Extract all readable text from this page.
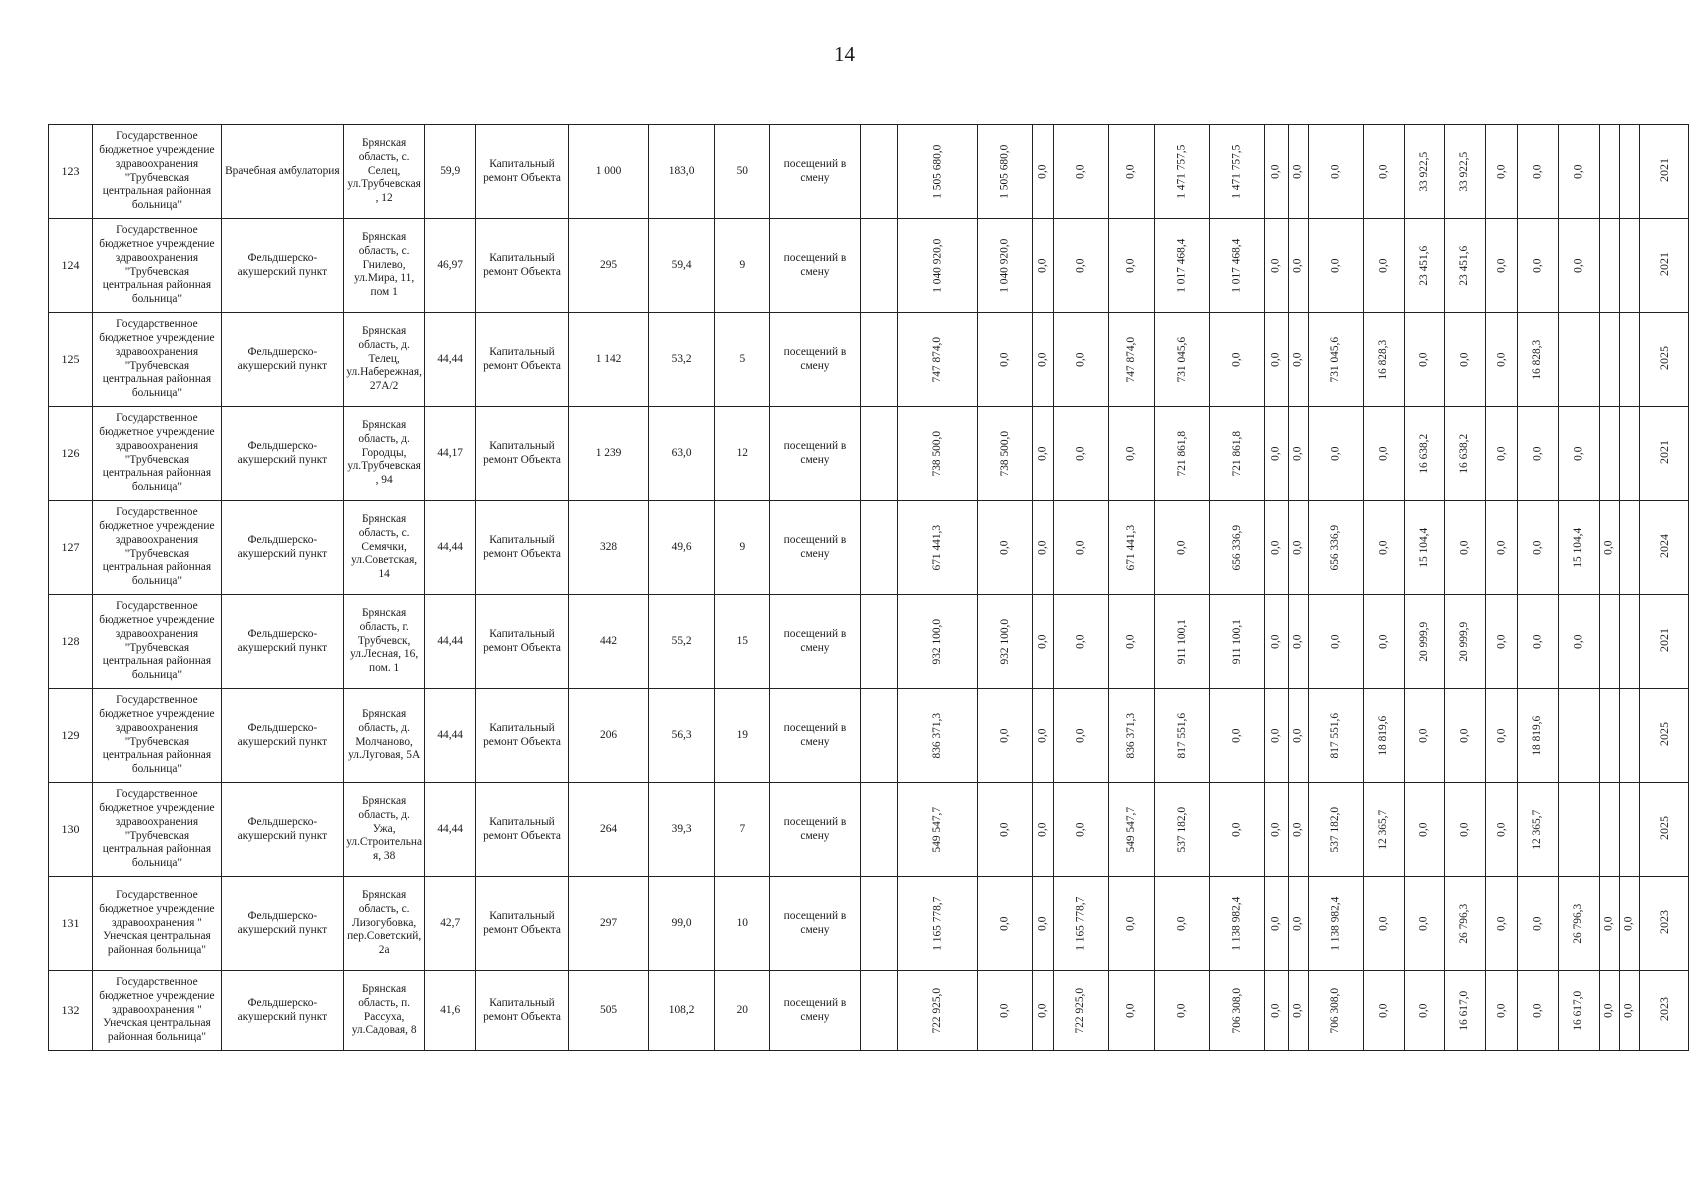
14
123	Государственное бюджетное учреждение здравоохранения "Трубчевская центральная районная больница"	Врачебная амбулатория	Брянская область, с. Селец, ул.Трубчевская , 12	59,9	Капитальный ремонт Объекта	1 000	183,0	50	посещений в смену		1 505 680,0	1 505 680,0	0,0	0,0	0,0	1 471 757,5	1 471 757,5	0,0	0,0	0,0	0,0	33 922,5	33 922,5	0,0	0,0	0,0			2021
124	Государственное бюджетное учреждение здравоохранения "Трубчевская центральная районная больница"	Фельдшерско-акушерский пункт	Брянская область, с. Гнилево, ул.Мира, 11, пом 1	46,97	Капитальный ремонт Объекта	295	59,4	9	посещений в смену		1 040 920,0	1 040 920,0	0,0	0,0	0,0	1 017 468,4	1 017 468,4	0,0	0,0	0,0	0,0	23 451,6	23 451,6	0,0	0,0	0,0			2021
125	Государственное бюджетное учреждение здравоохранения "Трубчевская центральная районная больница"	Фельдшерско-акушерский пункт	Брянская область, д. Телец, ул.Набережная, 27А/2	44,44	Капитальный ремонт Объекта	1 142	53,2	5	посещений в смену		747 874,0	0,0	0,0	0,0	747 874,0	731 045,6	0,0	0,0	0,0	731 045,6	16 828,3	0,0	0,0	0,0	16 828,3				2025
126	Государственное бюджетное учреждение здравоохранения "Трубчевская центральная районная больница"	Фельдшерско-акушерский пункт	Брянская область, д. Городцы, ул.Трубчевская , 94	44,17	Капитальный ремонт Объекта	1 239	63,0	12	посещений в смену		738 500,0	738 500,0	0,0	0,0	0,0	721 861,8	721 861,8	0,0	0,0	0,0	0,0	16 638,2	16 638,2	0,0	0,0	0,0			2021
127	Государственное бюджетное учреждение здравоохранения "Трубчевская центральная районная больница"	Фельдшерско-акушерский пункт	Брянская область, с. Семячки, ул.Советская, 14	44,44	Капитальный ремонт Объекта	328	49,6	9	посещений в смену		671 441,3	0,0	0,0	0,0	671 441,3	0,0	656 336,9	0,0	0,0	656 336,9	0,0	15 104,4	0,0	0,0	0,0	15 104,4	0,0		2024
128	Государственное бюджетное учреждение здравоохранения "Трубчевская центральная районная больница"	Фельдшерско-акушерский пункт	Брянская область, г. Трубчевск, ул.Лесная, 16, пом. 1	44,44	Капитальный ремонт Объекта	442	55,2	15	посещений в смену		932 100,0	932 100,0	0,0	0,0	0,0	911 100,1	911 100,1	0,0	0,0	0,0	0,0	20 999,9	20 999,9	0,0	0,0	0,0			2021
129	Государственное бюджетное учреждение здравоохранения "Трубчевская центральная районная больница"	Фельдшерско-акушерский пункт	Брянская область, д. Молчаново, ул.Луговая, 5А	44,44	Капитальный ремонт Объекта	206	56,3	19	посещений в смену		836 371,3	0,0	0,0	0,0	836 371,3	817 551,6	0,0	0,0	0,0	817 551,6	18 819,6	0,0	0,0	0,0	18 819,6				2025
130	Государственное бюджетное учреждение здравоохранения "Трубчевская центральная районная больница"	Фельдшерско-акушерский пункт	Брянская область, д. Ужа, ул.Строительна я, 38	44,44	Капитальный ремонт Объекта	264	39,3	7	посещений в смену		549 547,7	0,0	0,0	0,0	549 547,7	537 182,0	0,0	0,0	0,0	537 182,0	12 365,7	0,0	0,0	0,0	12 365,7				2025
131	Государственное бюджетное учреждение здравоохранения " Унечская центральная районная больница"	Фельдшерско-акушерский пункт	Брянская область, с. Лизогубовка, пер.Советский, 2а	42,7	Капитальный ремонт Объекта	297	99,0	10	посещений в смену		1 165 778,7	0,0	0,0	1 165 778,7	0,0	0,0	1 138 982,4	0,0	0,0	1 138 982,4	0,0	0,0	26 796,3	0,0	0,0	26 796,3	0,0	0,0	2023
132	Государственное бюджетное учреждение здравоохранения " Унечская центральная районная больница"	Фельдшерско-акушерский пункт	Брянская область, п. Рассуха, ул.Садовая, 8	41,6	Капитальный ремонт Объекта	505	108,2	20	посещений в смену		722 925,0	0,0	0,0	722 925,0	0,0	0,0	706 308,0	0,0	0,0	706 308,0	0,0	0,0	16 617,0	0,0	0,0	16 617,0	0,0	0,0	2023
